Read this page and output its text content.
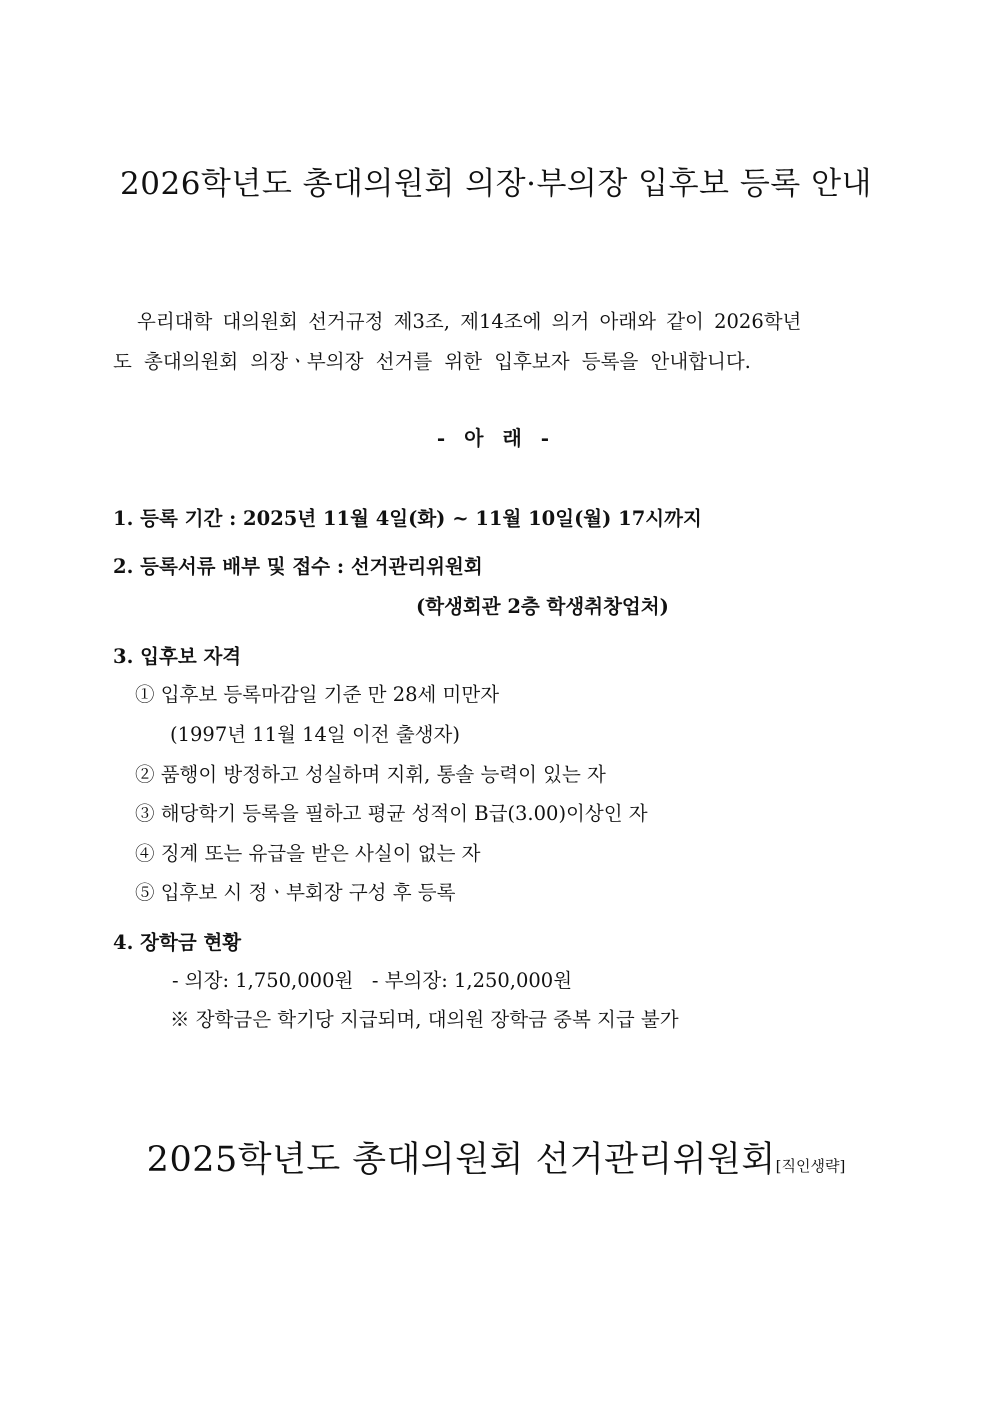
2026학년도 총대의원회 의장·부의장 입후보 등록 안내
우리대학 대의원회 선거규정 제3조, 제14조에 의거 아래와 같이 2026학년
도 총대의원회 의장ㆍ부의장 선거를 위한 입후보자 등록을 안내합니다.
- 아 래 -
1. 등록 기간 : 2025년 11월 4일(화) ~ 11월 10일(월) 17시까지
2. 등록서류 배부 및 접수 : 선거관리위원회
(학생회관 2층 학생취창업처)
3. 입후보 자격
① 입후보 등록마감일 기준 만 28세 미만자
(1997년 11월 14일 이전 출생자)
② 품행이 방정하고 성실하며 지휘, 통솔 능력이 있는 자
③ 해당학기 등록을 필하고 평균 성적이 B급(3.00)이상인 자
④ 징계 또는 유급을 받은 사실이 없는 자
⑤ 입후보 시 정ㆍ부회장 구성 후 등록
4. 장학금 현황
- 의장: 1,750,000원   - 부의장: 1,250,000원
※ 장학금은 학기당 지급되며, 대의원 장학금 중복 지급 불가
2025학년도 총대의원회 선거관리위원회[직인생략]
